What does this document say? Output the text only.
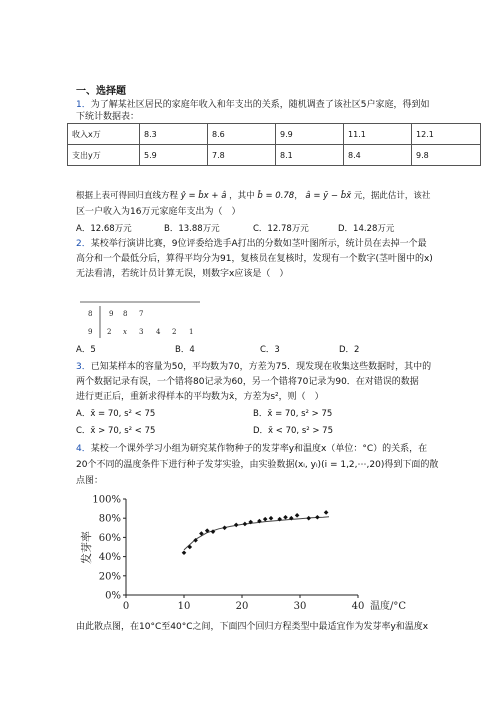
一、选择题
1．为了解某社区居民的家庭年收入和年支出的关系，随机调查了该社区5户家庭，得到如
下统计数据表：
收入x万	8.3	8.6	9.9	11.1	12.1
支出y万	5.9	7.8	8.1	8.4	9.8
根据上表可得回归直线方程 ŷ = b̂x + â ，其中 b̂ = 0.78， â = ȳ − b̂x̄ 元，据此估计，该社
区一户收入为16万元家庭年支出为（　）
A．12.68万元	B．13.88万元	C．12.78万元	D．14.28万元
2．某校举行演讲比赛，9位评委给选手A打出的分数如茎叶图所示，统计员在去掉一个最
高分和一个最低分后，算得平均分为91，复核员在复核时，发现有一个数字(茎叶图中的x)
无法看清，若统计员计算无误，则数字x应该是（　）
8 9 8 7
9 2 x 3 4 2 1
A．5	B．4	C．3	D．2
3．已知某样本的容量为50，平均数为70，方差为75．现发现在收集这些数据时，其中的
两个数据记录有误，一个错将80记录为60，另一个错将70记录为90．在对错误的数据
进行更正后，重新求得样本的平均数为x̄，方差为s²，则（　）
A．x̄ = 70, s² < 75	B．x̄ = 70, s² > 75
C．x̄ > 70, s² < 75	D．x̄ < 70, s² > 75
4．某校一个课外学习小组为研究某作物种子的发芽率y和温度x（单位：°C）的关系，在
20个不同的温度条件下进行种子发芽实验，由实验数据(xᵢ, yᵢ)(i = 1,2,⋯,20)得到下面的散
点图：
0%
20%
40%
60%
80%
100%
0	10	20	30	40
发芽率
温度/°C
由此散点图，在10°C至40°C之间，下面四个回归方程类型中最适宜作为发芽率y和温度x
